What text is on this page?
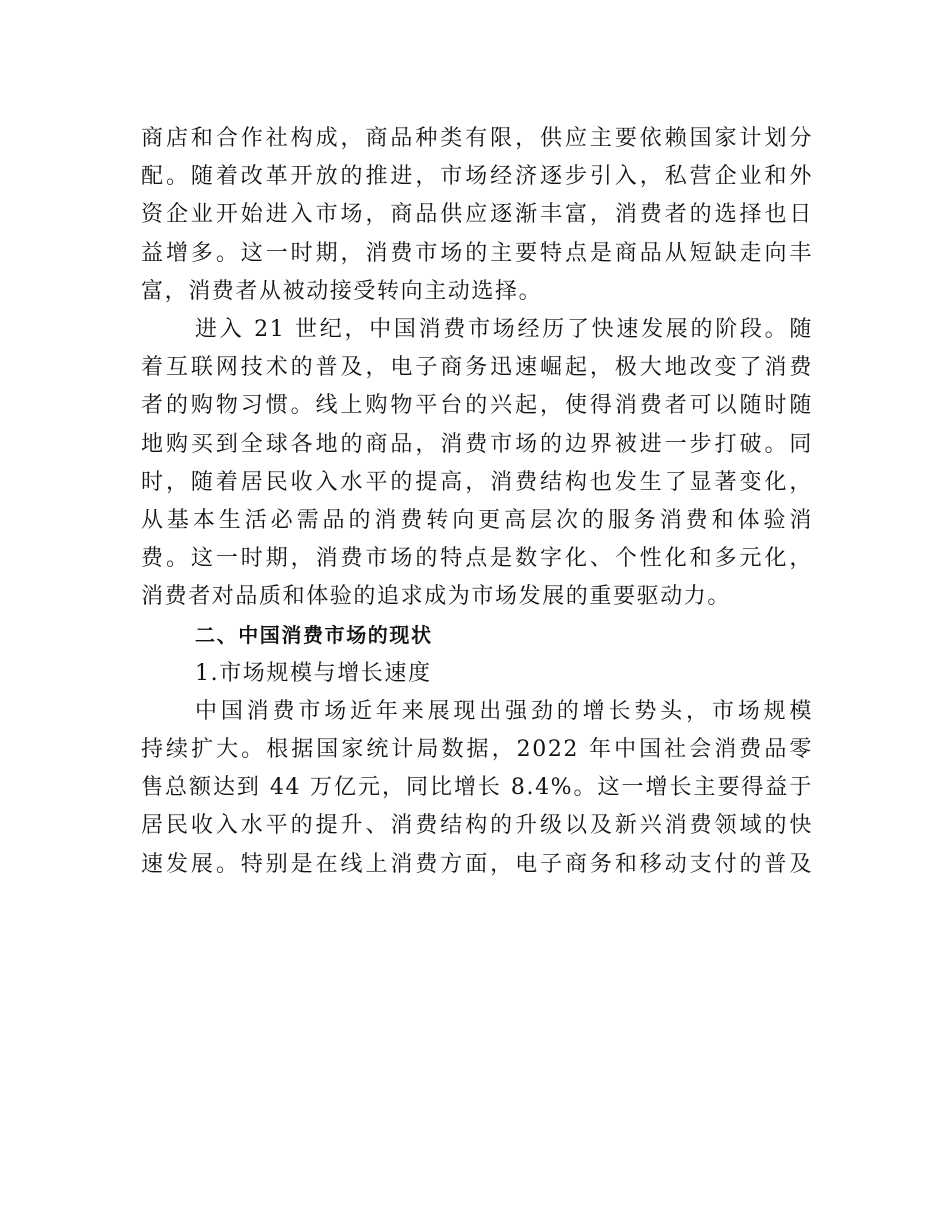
商店和合作社构成，商品种类有限，供应主要依赖国家计划分
配。随着改革开放的推进，市场经济逐步引入，私营企业和外
资企业开始进入市场，商品供应逐渐丰富，消费者的选择也日
益增多。这一时期，消费市场的主要特点是商品从短缺走向丰
富，消费者从被动接受转向主动选择。
进入 21 世纪，中国消费市场经历了快速发展的阶段。随
着互联网技术的普及，电子商务迅速崛起，极大地改变了消费
者的购物习惯。线上购物平台的兴起，使得消费者可以随时随
地购买到全球各地的商品，消费市场的边界被进一步打破。同
时，随着居民收入水平的提高，消费结构也发生了显著变化，
从基本生活必需品的消费转向更高层次的服务消费和体验消
费。这一时期，消费市场的特点是数字化、个性化和多元化，
消费者对品质和体验的追求成为市场发展的重要驱动力。
二、中国消费市场的现状
1.市场规模与增长速度
中国消费市场近年来展现出强劲的增长势头，市场规模
持续扩大。根据国家统计局数据，2022 年中国社会消费品零
售总额达到 44 万亿元，同比增长 8.4%。这一增长主要得益于
居民收入水平的提升、消费结构的升级以及新兴消费领域的快
速发展。特别是在线上消费方面，电子商务和移动支付的普及
